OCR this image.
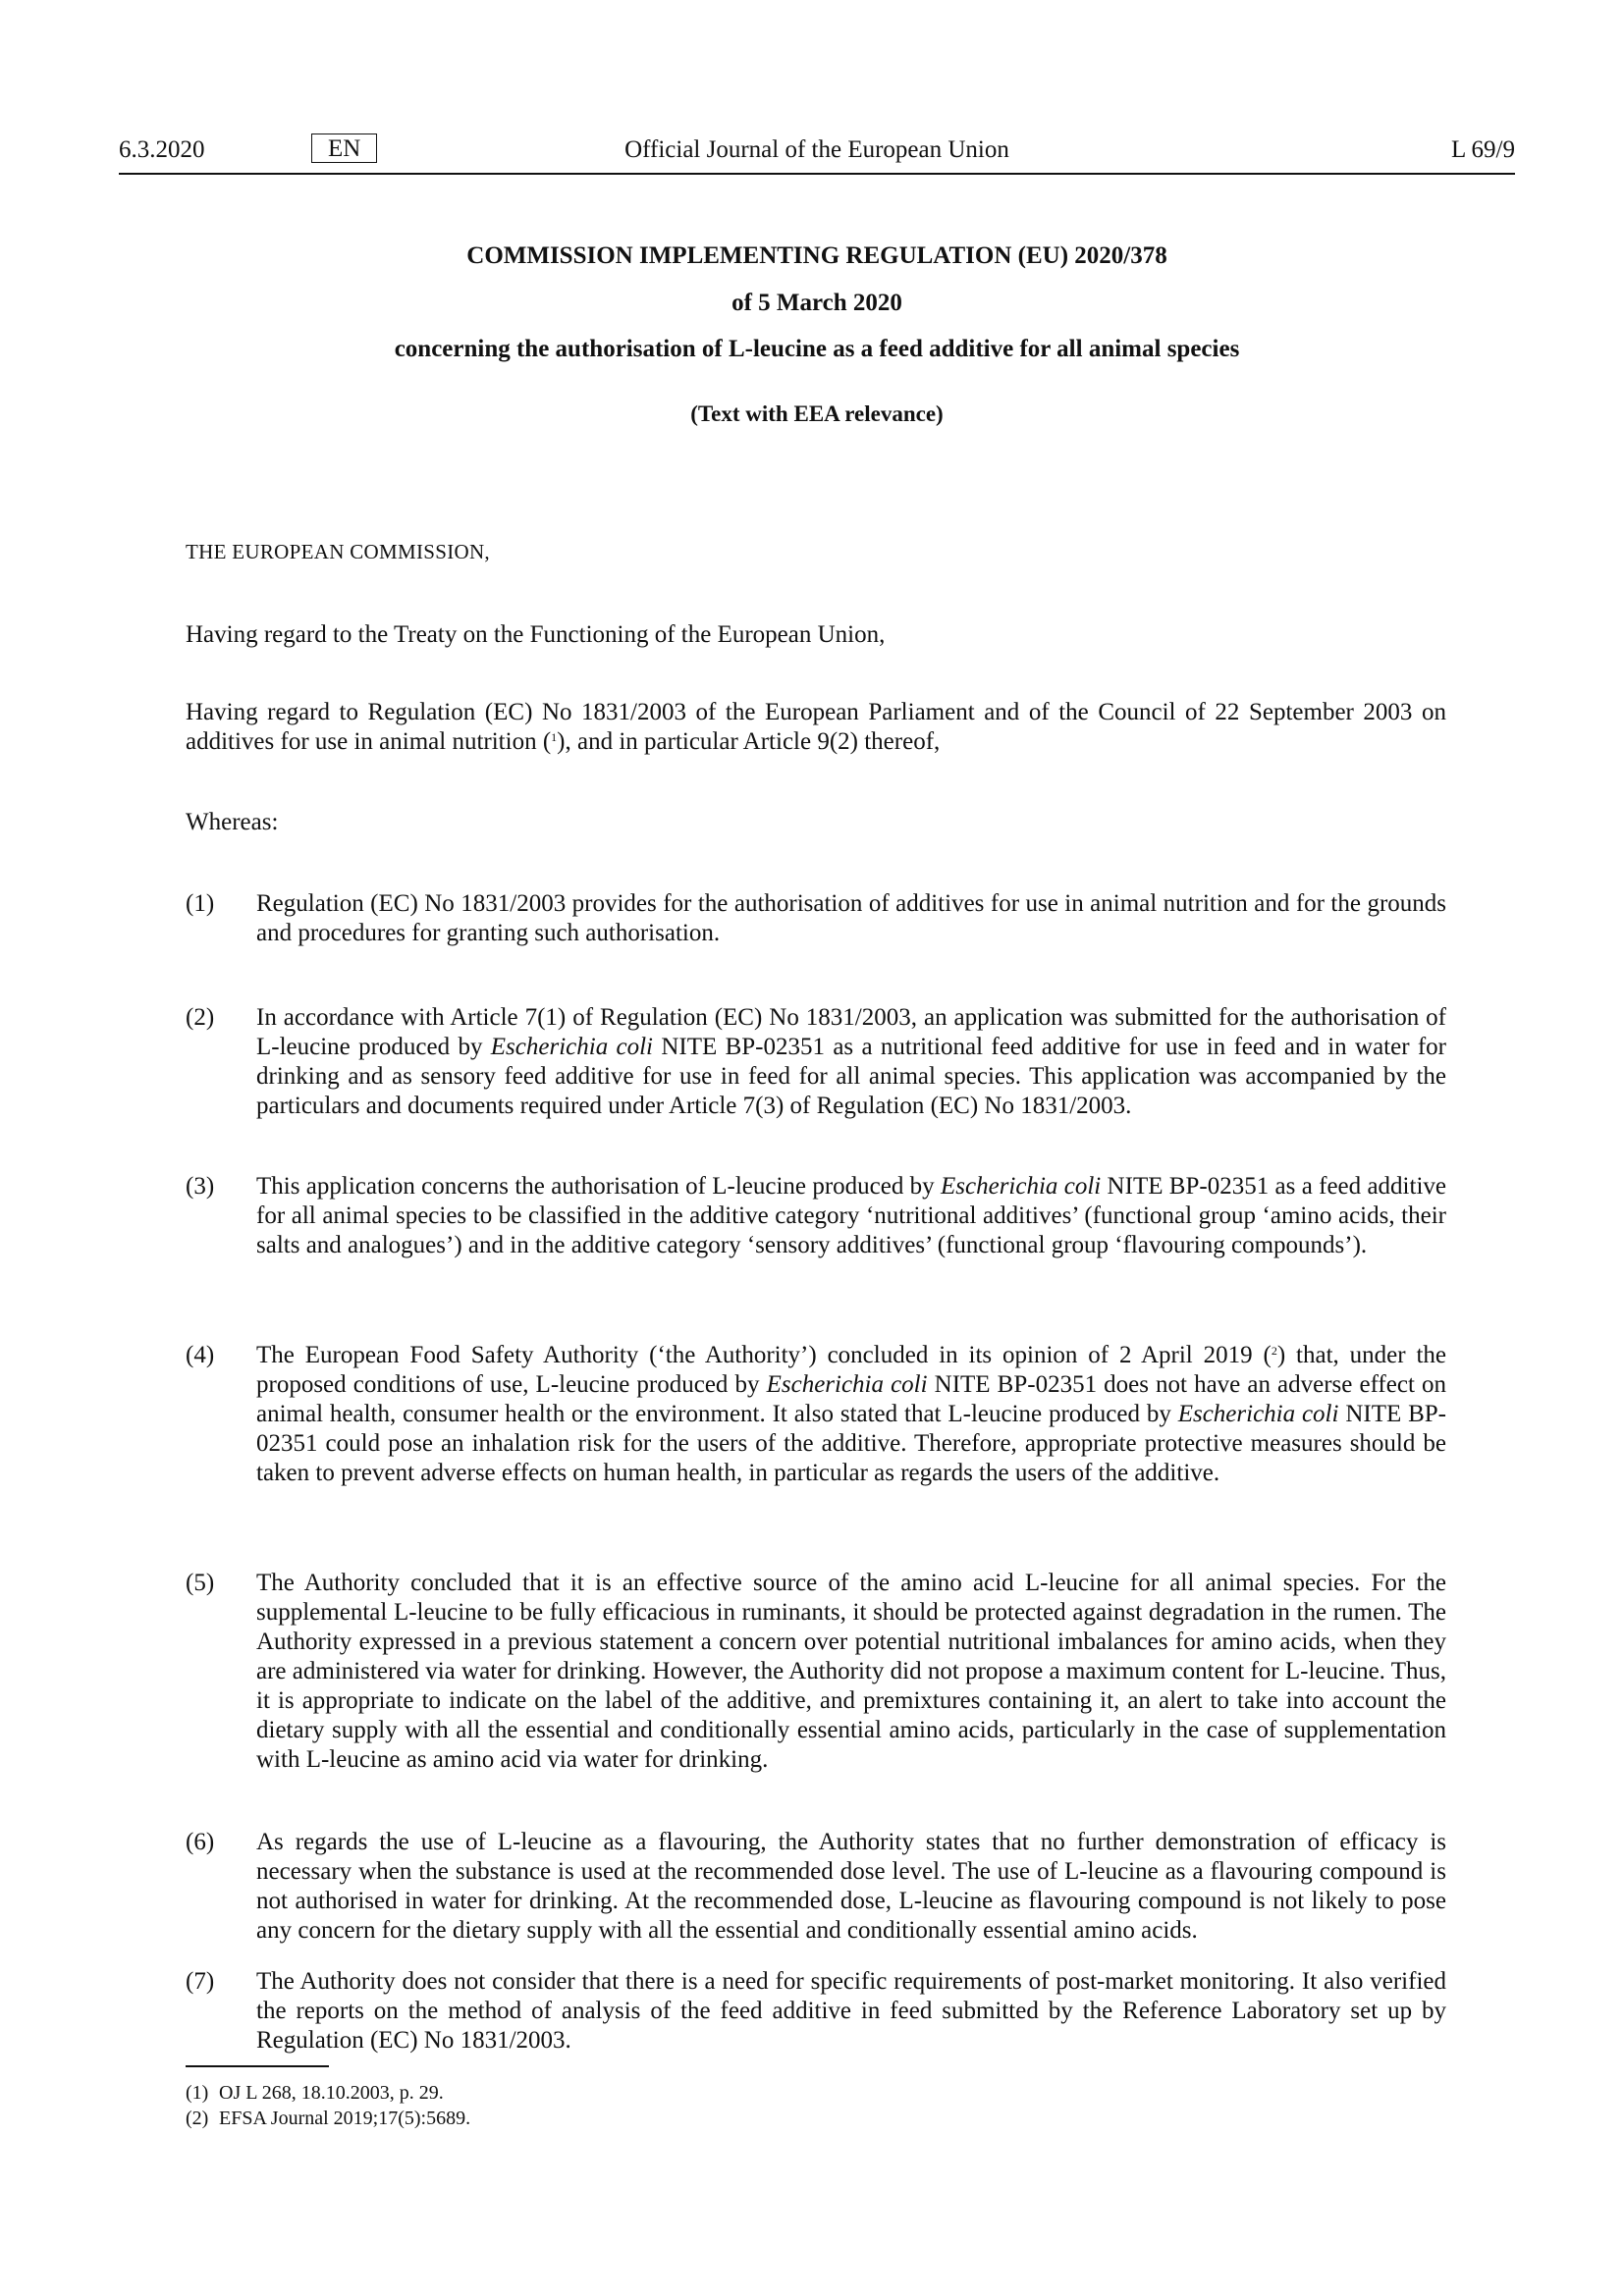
Official Journal of the European Union
6.3.2020	EN	L 69/9
COMMISSION IMPLEMENTING REGULATION (EU) 2020/378
of 5 March 2020
concerning the authorisation of L-leucine as a feed additive for all animal species
(Text with EEA relevance)
THE EUROPEAN COMMISSION,
Having regard to the Treaty on the Functioning of the European Union,
Having regard to Regulation (EC) No 1831/2003 of the European Parliament and of the Council of 22 September 2003 on additives for use in animal nutrition ($^1$), and in particular Article 9(2) thereof,
Whereas:
(1)	Regulation (EC) No 1831/2003 provides for the authorisation of additives for use in animal nutrition and for the grounds and procedures for granting such authorisation.
(2)	In accordance with Article 7(1) of Regulation (EC) No 1831/2003, an application was submitted for the authorisation of L-leucine produced by Escherichia coli NITE BP-02351 as a nutritional feed additive for use in feed and in water for drinking and as sensory feed additive for use in feed for all animal species. This application was accompanied by the particulars and documents required under Article 7(3) of Regulation (EC) No 1831/2003.
(3)	This application concerns the authorisation of L-leucine produced by Escherichia coli NITE BP-02351 as a feed additive for all animal species to be classified in the additive category ‘nutritional additives’ (functional group ‘amino acids, their salts and analogues’) and in the additive category ‘sensory additives’ (functional group ‘flavouring compounds’).
(4)	The European Food Safety Authority (‘the Authority’) concluded in its opinion of 2 April 2019 ($^2$) that, under the proposed conditions of use, L-leucine produced by Escherichia coli NITE BP-02351 does not have an adverse effect on animal health, consumer health or the environment. It also stated that L-leucine produced by Escherichia coli NITE BP-02351 could pose an inhalation risk for the users of the additive. Therefore, appropriate protective measures should be taken to prevent adverse effects on human health, in particular as regards the users of the additive.
(5)	The Authority concluded that it is an effective source of the amino acid L-leucine for all animal species. For the supplemental L-leucine to be fully efficacious in ruminants, it should be protected against degradation in the rumen. The Authority expressed in a previous statement a concern over potential nutritional imbalances for amino acids, when they are administered via water for drinking. However, the Authority did not propose a maximum content for L-leucine. Thus, it is appropriate to indicate on the label of the additive, and premixtures containing it, an alert to take into account the dietary supply with all the essential and conditionally essential amino acids, particularly in the case of supplementation with L-leucine as amino acid via water for drinking.
(6)	As regards the use of L-leucine as a flavouring, the Authority states that no further demonstration of efficacy is necessary when the substance is used at the recommended dose level. The use of L-leucine as a flavouring compound is not authorised in water for drinking. At the recommended dose, L-leucine as flavouring compound is not likely to pose any concern for the dietary supply with all the essential and conditionally essential amino acids.
(7)	The Authority does not consider that there is a need for specific requirements of post-market monitoring. It also verified the reports on the method of analysis of the feed additive in feed submitted by the Reference Laboratory set up by Regulation (EC) No 1831/2003.
(1) OJ L 268, 18.10.2003, p. 29.
(2) EFSA Journal 2019;17(5):5689.
